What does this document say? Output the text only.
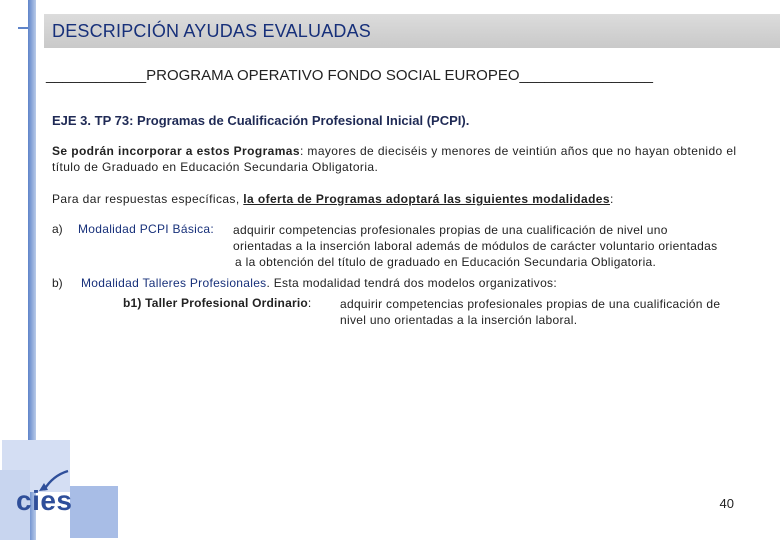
DESCRIPCIÓN AYUDAS EVALUADAS
____________PROGRAMA OPERATIVO FONDO SOCIAL EUROPEO________________
EJE 3. TP 73: Programas de Cualificación Profesional Inicial (PCPI).
Se podrán incorporar a estos Programas: mayores de dieciséis y menores de veintiún años que no hayan obtenido el título de Graduado en Educación Secundaria Obligatoria.
Para dar respuestas específicas, la oferta de Programas adoptará las siguientes modalidades:
a) Modalidad PCPI Básica: adquirir competencias profesionales propias de una cualificación de nivel uno
orientadas a la inserción laboral además de módulos de carácter voluntario orientadas
a la obtención del título de graduado en Educación Secundaria Obligatoria.
b) Modalidad Talleres Profesionales. Esta modalidad tendrá dos modelos organizativos:
b1) Taller Profesional Ordinario: adquirir competencias profesionales propias de una cualificación de
nivel uno orientadas a la inserción laboral.
cies	40
